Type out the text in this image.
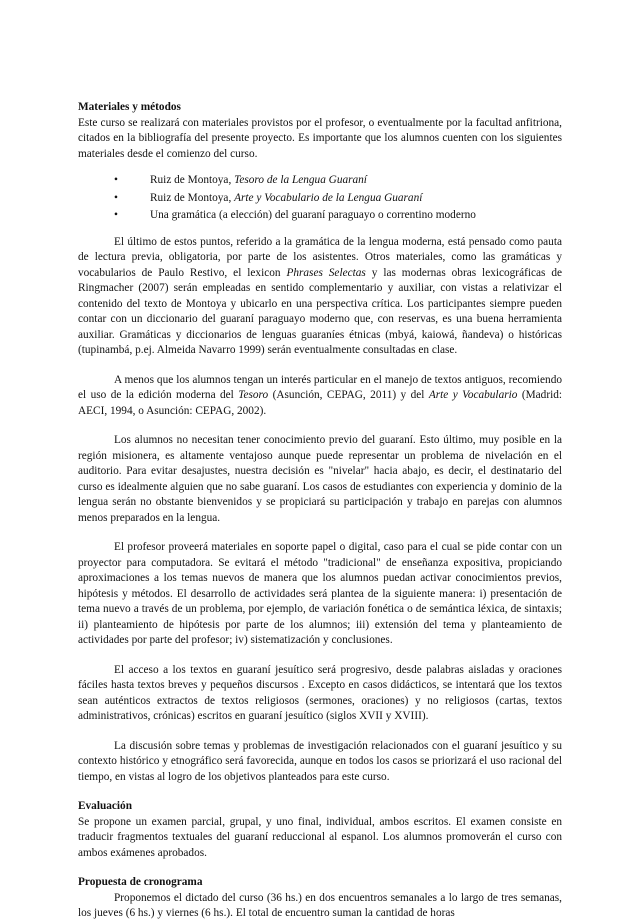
Materiales y métodos

Este curso se realizará con materiales provistos por el profesor, o eventualmente por la facultad anfitriona, citados en la bibliografía del presente proyecto. Es importante que los alumnos cuenten con los siguientes materiales desde el comienzo del curso.

•	Ruiz de Montoya, Tesoro de la Lengua Guaraní
•	Ruiz de Montoya, Arte y Vocabulario de la Lengua Guaraní
•	Una gramática (a elección) del guaraní paraguayo o correntino moderno

El último de estos puntos, referido a la gramática de la lengua moderna, está pensado como pauta de lectura previa, obligatoria, por parte de los asistentes. Otros materiales, como las gramáticas y vocabularios de Paulo Restivo, el lexicon Phrases Selectas y las modernas obras lexicográficas de Ringmacher (2007) serán empleadas en sentido complementario y auxiliar, con vistas a relativizar el contenido del texto de Montoya y ubicarlo en una perspectiva crítica. Los participantes siempre pueden contar con un diccionario del guaraní paraguayo moderno que, con reservas, es una buena herramienta auxiliar. Gramáticas y diccionarios de lenguas guaraníes étnicas (mbyá, kaiowá, ñandeva) o históricas (tupinambá, p.ej. Almeida Navarro 1999) serán eventualmente consultadas en clase.

A menos que los alumnos tengan un interés particular en el manejo de textos antiguos, recomiendo el uso de la edición moderna del Tesoro (Asunción, CEPAG, 2011) y del Arte y Vocabulario (Madrid: AECI, 1994, o Asunción: CEPAG, 2002).

Los alumnos no necesitan tener conocimiento previo del guaraní. Esto último, muy posible en la región misionera, es altamente ventajoso aunque puede representar un problema de nivelación en el auditorio. Para evitar desajustes, nuestra decisión es "nivelar" hacia abajo, es decir, el destinatario del curso es idealmente alguien que no sabe guaraní. Los casos de estudiantes con experiencia y dominio de la lengua serán no obstante bienvenidos y se propiciará su participación y trabajo en parejas con alumnos menos preparados en la lengua.

El profesor proveerá materiales en soporte papel o digital, caso para el cual se pide contar con un proyector para computadora. Se evitará el método "tradicional" de enseñanza expositiva, propiciando aproximaciones a los temas nuevos de manera que los alumnos puedan activar conocimientos previos, hipótesis y métodos. El desarrollo de actividades será plantea de la siguiente manera: i) presentación de tema nuevo a través de un problema, por ejemplo, de variación fonética o de semántica léxica, de sintaxis; ii) planteamiento de hipótesis por parte de los alumnos; iii) extensión del tema y planteamiento de actividades por parte del profesor; iv) sistematización y conclusiones.

El acceso a los textos en guaraní jesuítico será progresivo, desde palabras aisladas y oraciones fáciles hasta textos breves y pequeños discursos . Excepto en casos didácticos, se intentará que los textos sean auténticos extractos de textos religiosos (sermones, oraciones) y no religiosos (cartas, textos administrativos, crónicas) escritos en guaraní jesuítico (siglos XVII y XVIII).

La discusión sobre temas y problemas de investigación relacionados con el guaraní jesuítico y su contexto histórico y etnográfico será favorecida, aunque en todos los casos se priorizará el uso racional del tiempo, en vistas al logro de los objetivos planteados para este curso.

Evaluación

Se propone un examen parcial, grupal, y uno final, individual, ambos escritos. El examen consiste en traducir fragmentos textuales del guaraní reduccional al espanol. Los alumnos promoverán el curso con ambos exámenes aprobados.

Propuesta de cronograma

Proponemos el dictado del curso (36 hs.) en dos encuentros semanales a lo largo de tres semanas, los jueves (6 hs.) y viernes (6 hs.). El total de encuentro suman la cantidad de horas
